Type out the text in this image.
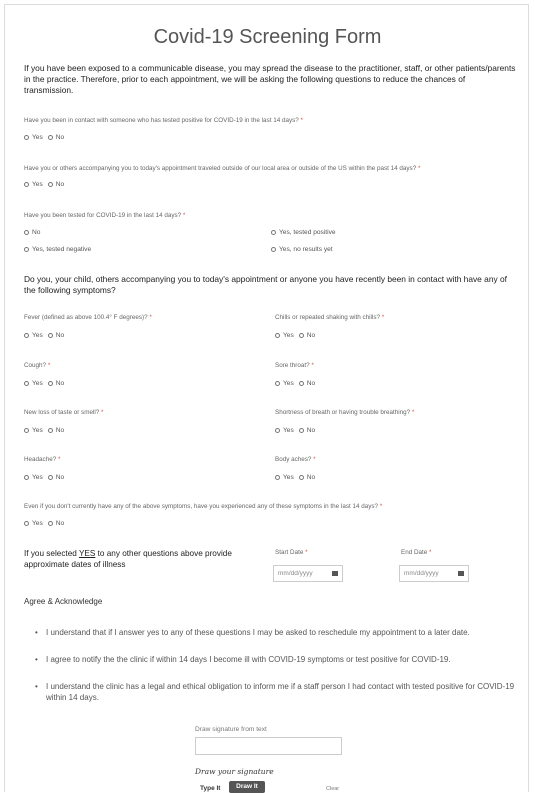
Covid-19 Screening Form
If you have been exposed to a communicable disease, you may spread the disease to the practitioner, staff, or other patients/parents in the practice. Therefore, prior to each appointment, we will be asking the following questions to reduce the chances of transmission.
Have you been in contact with someone who has tested positive for COVID-19 in the last 14 days? *
Yes No
Have you or others accompanying you to today's appointment traveled outside of our local area or outside of the US within the past 14 days? *
Yes No
Have you been tested for COVID-19 in the last 14 days? *
No	Yes, tested positive
Yes, tested negative	Yes, no results yet
Do you, your child, others accompanying you to today's appointment or anyone you have recently been in contact with have any of the following symptoms?
Fever (defined as above 100.4° F degrees)? *	Chills or repeated shaking with chills? *
Yes No	Yes No
Cough? *	Sore throat? *
Yes No	Yes No
New loss of taste or smell? *	Shortness of breath or having trouble breathing? *
Yes No	Yes No
Headache? *	Body aches? *
Yes No	Yes No
Even if you don't currently have any of the above symptoms, have you experienced any of these symptoms in the last 14 days? *
Yes No
If you selected YES to any other questions above provide
approximate dates of illness
Start Date *	End Date *
mm/dd/yyyy	mm/dd/yyyy
Agree & Acknowledge
• I understand that if I answer yes to any of these questions I may be asked to reschedule my appointment to a later date.
• I agree to notify the the clinic if within 14 days I become ill with COVID-19 symptoms or test positive for COVID-19.
• I understand the clinic has a legal and ethical obligation to inform me if a staff person I had contact with tested positive for COVID-19 within 14 days.
Draw signature from text
Draw your signature
Type It	Draw It	Clear
